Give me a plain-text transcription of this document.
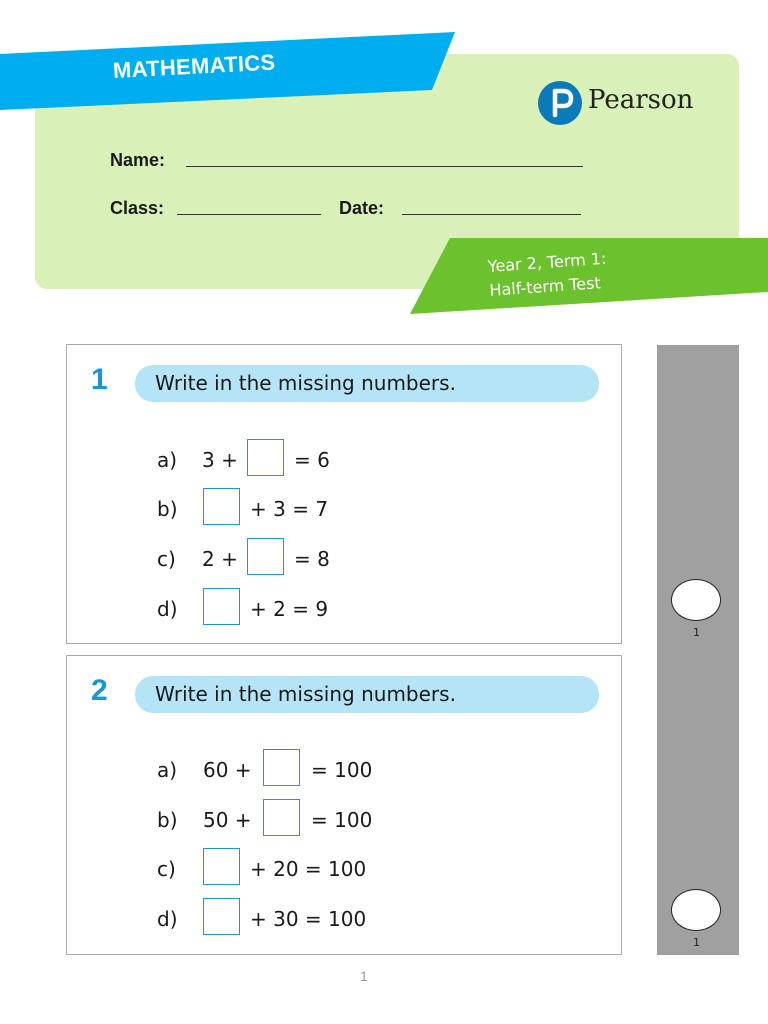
MATHEMATICS
Pearson
Name:
Class:	Date:
Year 2, Term 1:
Half-term Test
1 Write in the missing numbers.
a) 3 +	= 6
b)	+ 3 = 7
c) 2 +	= 8
d)	+ 2 = 9
2 Write in the missing numbers.
a) 60 +	= 100
b) 50 +	= 100
c)	+ 20 = 100
d)	+ 30 = 100
1
1
1
